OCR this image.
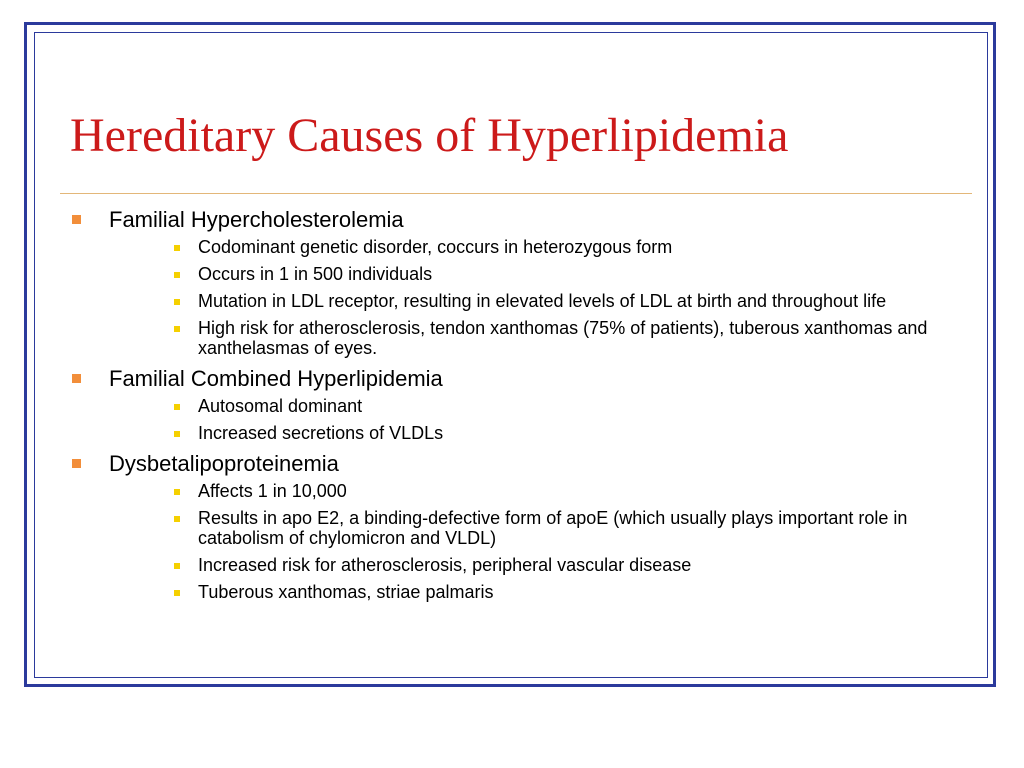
Hereditary Causes of Hyperlipidemia
Familial Hypercholesterolemia
Codominant genetic disorder, coccurs in heterozygous form
Occurs in 1 in 500 individuals
Mutation in LDL receptor, resulting in elevated levels of LDL at birth and throughout life
High risk for atherosclerosis, tendon xanthomas (75% of patients), tuberous xanthomas and xanthelasmas of eyes.
Familial Combined Hyperlipidemia
Autosomal dominant
Increased secretions of VLDLs
Dysbetalipoproteinemia
Affects 1 in 10,000
Results in apo E2, a binding-defective form of apoE (which usually plays important role in catabolism of chylomicron and VLDL)
Increased risk for atherosclerosis, peripheral vascular disease
Tuberous xanthomas, striae palmaris
